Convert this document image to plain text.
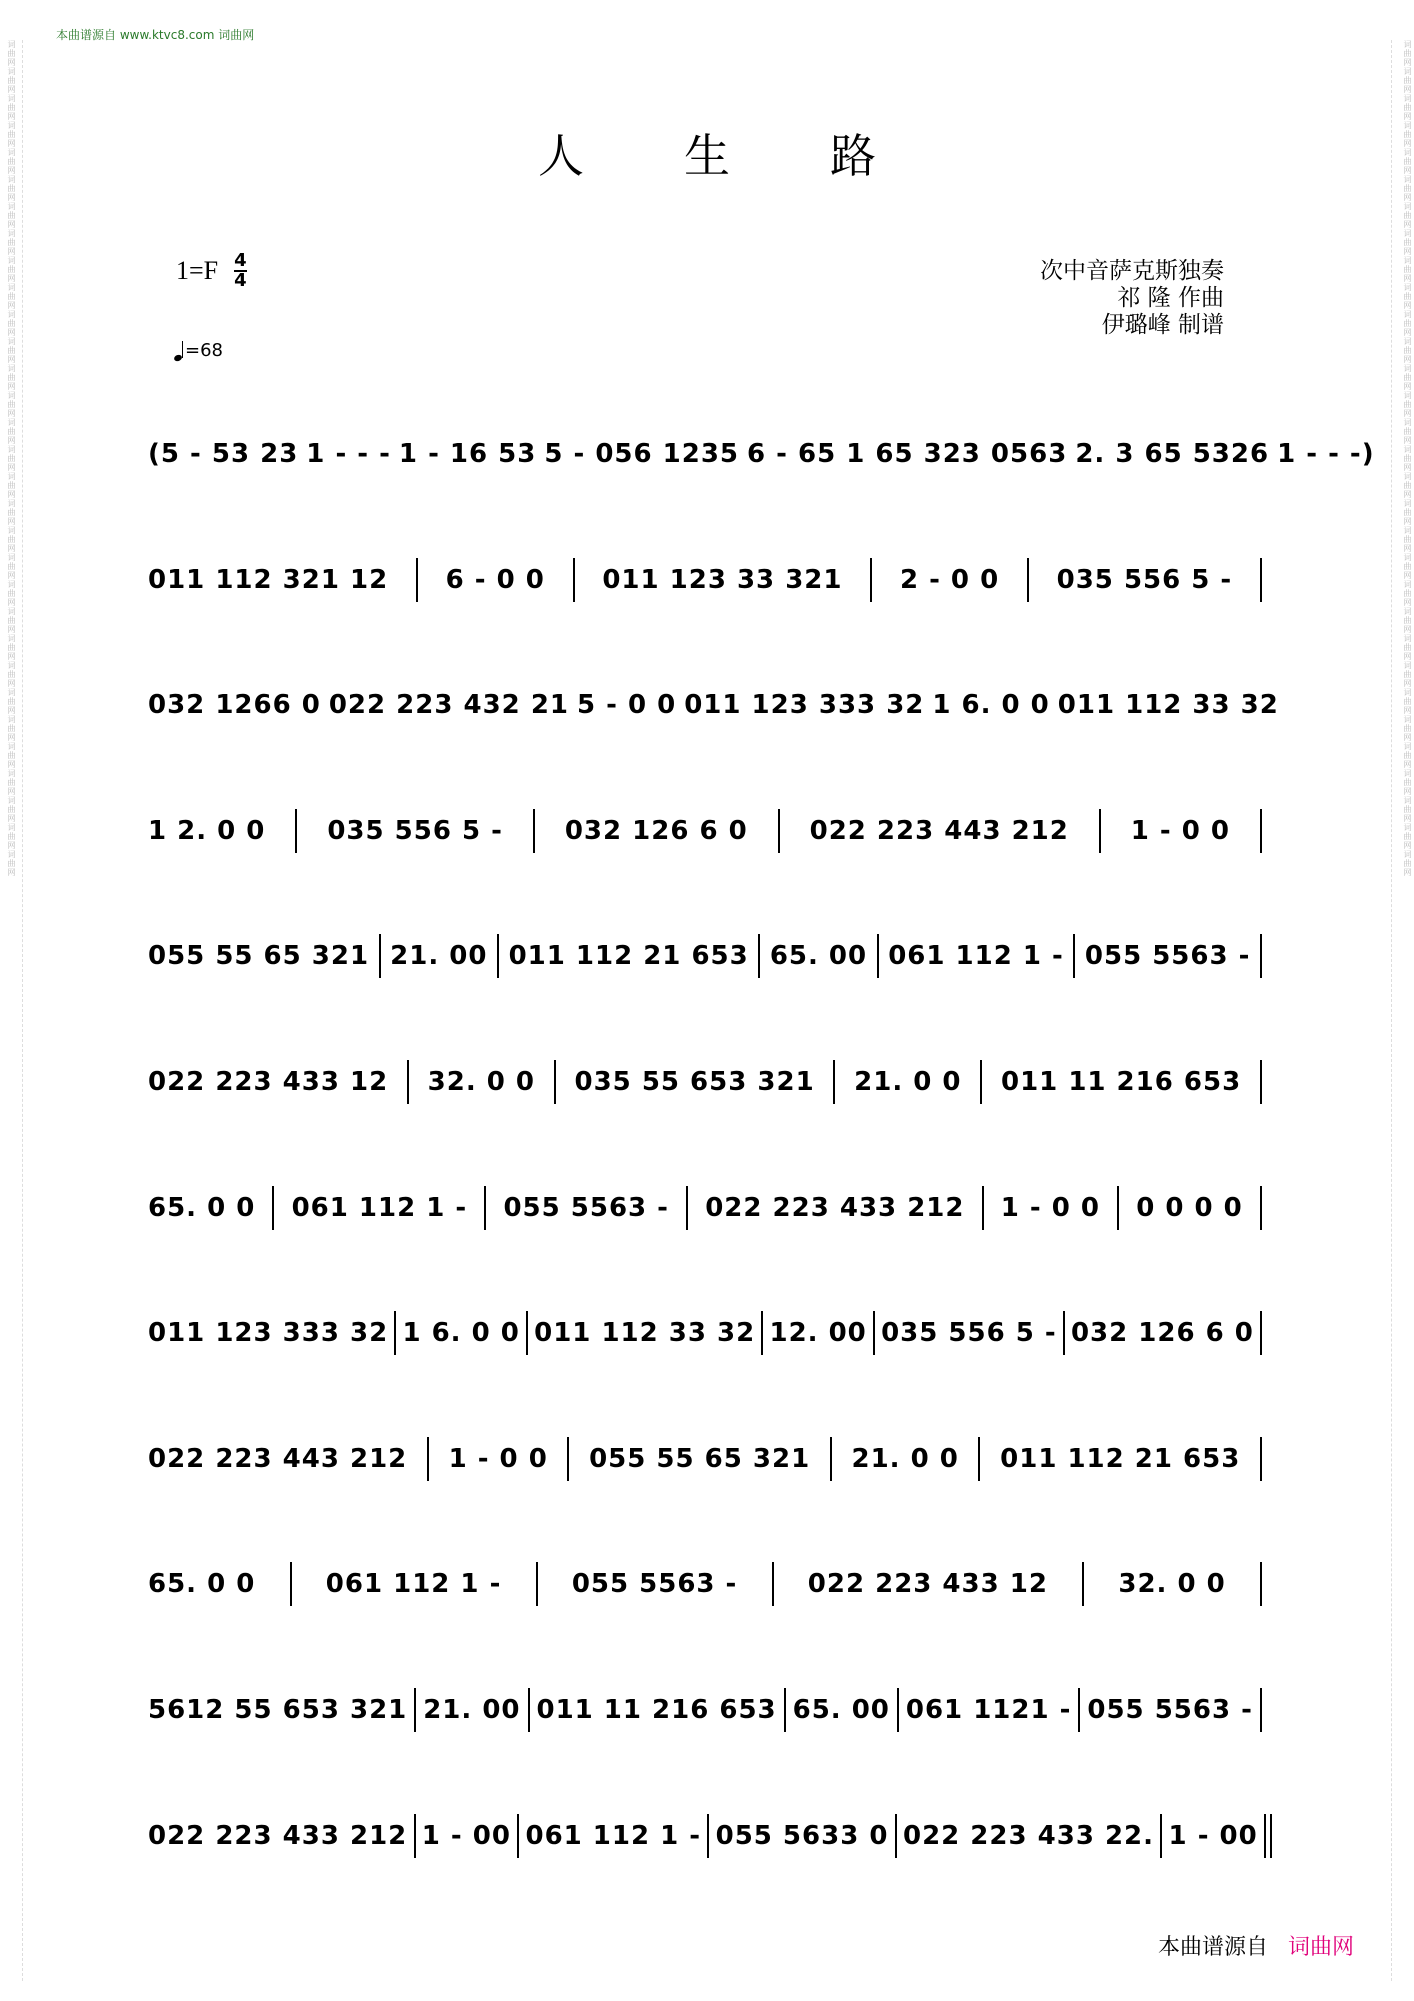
词曲网词曲网词曲网词曲网词曲网词曲网词曲网词曲网词曲网词曲网词曲网词曲网词曲网词曲网词曲网词曲网词曲网词曲网词曲网词曲网词曲网词曲网词曲网词曲网词曲网词曲网词曲网词曲网词曲网词曲网词曲网	词曲网词曲网词曲网词曲网词曲网词曲网词曲网词曲网词曲网词曲网词曲网词曲网词曲网词曲网词曲网词曲网词曲网词曲网词曲网词曲网词曲网词曲网词曲网词曲网词曲网词曲网词曲网词曲网词曲网词曲网词曲网
本曲谱源自 www.ktvc8.com 词曲网
人生路
$1=F \frac{4}{4}$
=68
次中音萨克斯独奏
祁 隆 作曲
伊璐峰 制谱
(5 - 53 23 1 - - - 1 - 16 53 5 - 056 1235 6 - 65 1 65 323 0563 2. 3 65 5326 1 - - -)
011 112 321 12 6 - 0 0 011 123 33 321 2 - 0 0 035 556 5 -
032 1266 0 022 223 432 21 5 - 0 0 011 123 333 32 1 6. 0 0 011 112 33 32
1 2. 0 0 035 556 5 - 032 126 6 0 022 223 443 212 1 - 0 0
055 55 65 321 21. 00 011 112 21 653 65. 00 061 112 1 - 055 5563 -
022 223 433 12 32. 0 0 035 55 653 321 21. 0 0 011 11 216 653
65. 0 0 061 112 1 - 055 5563 - 022 223 433 212 1 - 0 0 0 0 0 0
011 123 333 32 1 6. 0 0 011 112 33 32 12. 00 035 556 5 - 032 126 6 0
022 223 443 212 1 - 0 0 055 55 65 321 21. 0 0 011 112 21 653
65. 0 0	061 112 1 -	055 5563 -	022 223 433 12	32. 0 0
5612 55 653 321 21. 00 011 11 216 653 65. 00 061 1121 - 055 5563 -
022 223 433 212 1 - 00 061 112 1 - 055 5633 0 022 223 433 22. 1 - 00
本曲谱源自 词曲网
